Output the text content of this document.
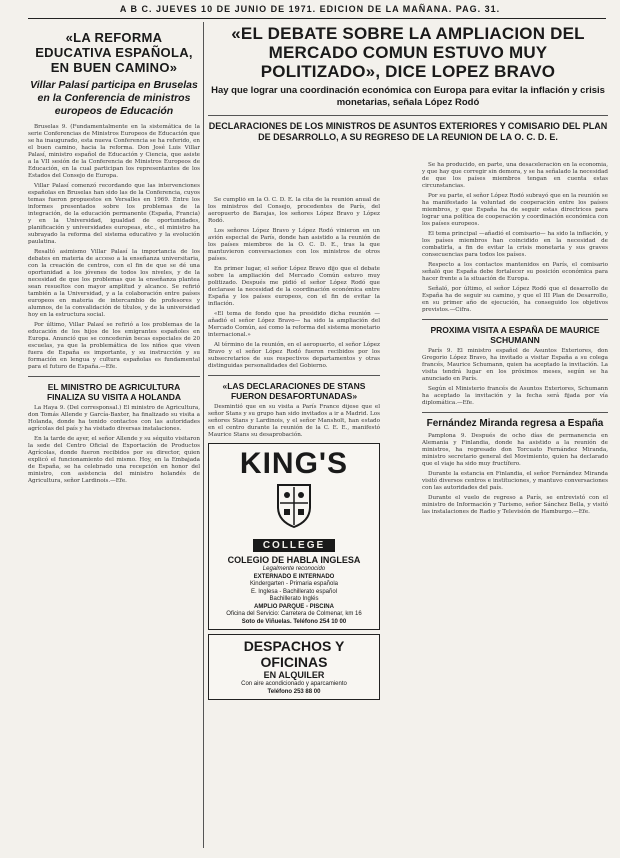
A B C. JUEVES 10 DE JUNIO DE 1971. EDICION DE LA MAÑANA. PAG. 31.
«LA REFORMA EDUCATIVA ESPAÑOLA, EN BUEN CAMINO»
Villar Palasí participa en Bruselas en la Conferencia de ministros europeos de Educación

Bruselas 9. (Fundamentalmente en la sistemática de la serie Conferencias de Ministros Europeos de Educación que se ha inaugurado, esta nueva Conferencia se ha referido, en el buen camino, hacia la reforma. Don José Luis Villar Palasí, ministro español de Educación y Ciencia, que asiste a la VII sesión de la Conferencia de Ministros Europeos de Educación, en la cual participan los representantes de los Estados del Consejo de Europa.

Villar Palasí comenzó recordando que las intervenciones españolas en Bruselas han sido las de la Conferencia, cuyos temas fueron propuestos en Versalles en 1969. Entre los informes presentados sobre los problemas de la integración, de la educación permanente (España, Francia) y en la Universidad, igualdad de oportunidades, planificación y universidades europeas, etc., el ministro ha subrayado la reforma del sistema educativo y la evolución paulatina.

Resaltó asimismo Villar Palasí la importancia de los debates en materia de acceso a la enseñanza universitaria, con la creación de centros, con el fin de que se dé una oportunidad a los jóvenes de todos los niveles, y de la necesidad de que los problemas que la enseñanza plantea sean resueltos con mayor amplitud y alcance. Se refirió también a la Universidad, y a la colaboración entre países europeos en materia de intercambio de profesores y alumnos, de la convalidación de títulos, y de la universidad hoy en la estructura social.

Por último, Villar Palasí se refirió a los problemas de la educación de los hijos de los emigrantes españoles en Europa. Anunció que se concederán becas especiales de 20 escuelas, ya que la problemática de los niños que viven fuera de España es importante, y su instrucción y su formación en lengua y cultura españolas es fundamental para el futuro de España.—Efe.

EL MINISTRO DE AGRICULTURA FINALIZA SU VISITA A HOLANDA

La Haya 9. (Del corresponsal.) El ministro de Agricultura, don Tomás Allende y García-Baxter, ha finalizado su visita a Holanda, donde ha tenido contactos con las autoridades agrícolas del país y ha visitado diversas instalaciones.

En la tarde de ayer, el señor Allende y su séquito visitaron la sede del Centro Oficial de Exportación de Productos Agrícolas, donde fueron recibidos por su director, quien explicó el funcionamiento del mismo. Hoy, en la Embajada de España, se ha celebrado una recepción en honor del ministro, con asistencia del ministro holandés de Agricultura, señor Lardinois.—Efe.

«EL DEBATE SOBRE LA AMPLIACION DEL MERCADO COMUN ESTUVO MUY POLITIZADO», DICE LOPEZ BRAVO
Hay que lograr una coordinación económica con Europa para evitar la inflación y crisis monetarias, señala López Rodó
DECLARACIONES DE LOS MINISTROS DE ASUNTOS EXTERIORES Y COMISARIO DEL PLAN DE DESARROLLO, A SU REGRESO DE LA REUNION DE LA O. C. D. E.

Se cumplió en la O. C. D. E. la cita de la reunión anual de los ministros del Consejo, procedentes de París, del aeropuerto de Barajas, los señores López Bravo y López Rodó.

Los señores López Bravo y López Rodó vinieron en un avión especial de París, donde han asistido a la reunión de los países miembros de la O. C. D. E., tras la que mantuvieron conversaciones con los ministros de otros países.

En primer lugar, el señor López Bravo dijo que el debate sobre la ampliación del Mercado Común estuvo muy politizado. Después me pidió el señor López Rodó que declarase la necesidad de la coordinación económica entre España y los países europeos, con el fin de evitar la inflación.

«El tema de fondo que ha presidido dicha reunión —añadió el señor López Bravo— ha sido la ampliación del Mercado Común, así como la reforma del sistema monetario internacional.»

Al término de la reunión, en el aeropuerto, el señor López Bravo y el señor López Rodó fueron recibidos por los subsecretarios de sus respectivos departamentos y otras distinguidas personalidades del Gobierno.

«LAS DECLARACIONES DE STANS FUERON DESAFORTUNADAS»

Desmintió que en su visita a París France dijese que el señor Stans y su grupo han sido invitados a ir a Madrid. Los señores Stans y Lardinois, y el señor Mansholt, han estado en el centro durante la reunión de la C. E. E., manifestó Maurice Stans su desaprobación.

KING'S
COLLEGE
COLEGIO DE HABLA INGLESA
Legalmente reconocido
EXTERNADO E INTERNADO
Kindergarten - Primaria española
E. Inglesa - Bachillerato español
Bachillerato Inglés
AMPLIO PARQUE - PISCINA
Oficina del Servicio: Carretera de Colmenar, km 16
Soto de Viñuelas. Teléfono 254 10 00
DESPACHOS Y OFICINAS
EN ALQUILER
Con aire acondicionado y aparcamiento
Teléfono 253 88 00

Se ha producido, en parte, una desaceleración en la economía, y que hay que corregir sin demora, y se ha señalado la necesidad de que los países miembros tengan en cuenta estas circunstancias.

Por su parte, el señor López Rodó subrayó que en la reunión se ha manifestado la voluntad de cooperación entre los países miembros, y que España ha de seguir estas directrices para lograr una política de cooperación y coordinación económica con los países europeos.

El tema principal —añadió el comisario— ha sido la inflación, y los países miembros han coincidido en la necesidad de combatirla, a fin de evitar la crisis monetaria y sus graves consecuencias para todos los países.

Respecto a los contactos mantenidos en París, el comisario señaló que España debe fortalecer su posición económica para hacer frente a la situación de Europa.

Señaló, por último, el señor López Rodó que el desarrollo de España ha de seguir su camino, y que el III Plan de Desarrollo, en su primer año de ejecución, ha conseguido los objetivos previstos.—Cifra.

PROXIMA VISITA A ESPAÑA DE MAURICE SCHUMANN

París 9. El ministro español de Asuntos Exteriores, don Gregorio López Bravo, ha invitado a visitar España a su colega francés, Maurice Schumann, quien ha aceptado la invitación. La visita tendrá lugar en los próximos meses, según se ha anunciado en París.

Según el Ministerio francés de Asuntos Exteriores, Schumann ha aceptado la invitación y la fecha será fijada por vía diplomática.—Efe.

Fernández Miranda regresa a España

Pamplona 9. Después de ocho días de permanencia en Alemania y Finlandia, donde ha asistido a la reunión de ministros, ha regresado don Torcuato Fernández Miranda, ministro secretario general del Movimiento, quien ha declarado que el viaje ha sido muy fructífero.

Durante la estancia en Finlandia, el señor Fernández Miranda visitó diversos centros e instituciones, y mantuvo conversaciones con las autoridades del país.

Durante el vuelo de regreso a París, se entrevistó con el ministro de Información y Turismo, señor Sánchez Bella, y visitó las instalaciones de Radio y Televisión de Hamburgo.—Efe.
